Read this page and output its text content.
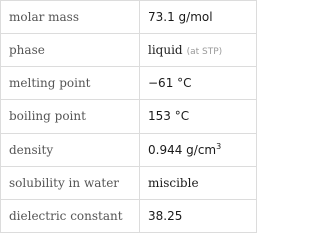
molar mass	73.1 g/mol
phase	liquid (at STP)
melting point	−61 °C
boiling point	153 °C
density	0.944 $g/cm^3$
solubility in water	miscible
dielectric constant	38.25
